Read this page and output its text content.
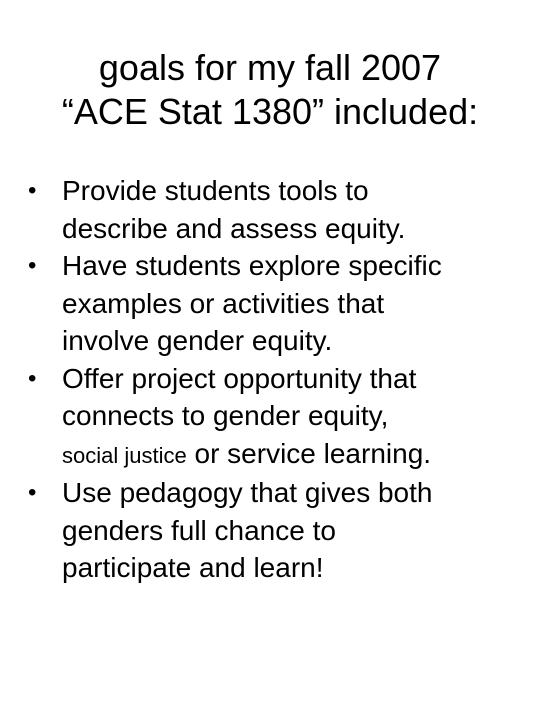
goals for my fall 2007
“ACE Stat 1380” included:
• Provide students tools to
describe and assess equity.
• Have students explore specific
examples or activities that
involve gender equity.
• Offer project opportunity that
connects to gender equity,
social justice or service learning.
• Use pedagogy that gives both
genders full chance to
participate and learn!
